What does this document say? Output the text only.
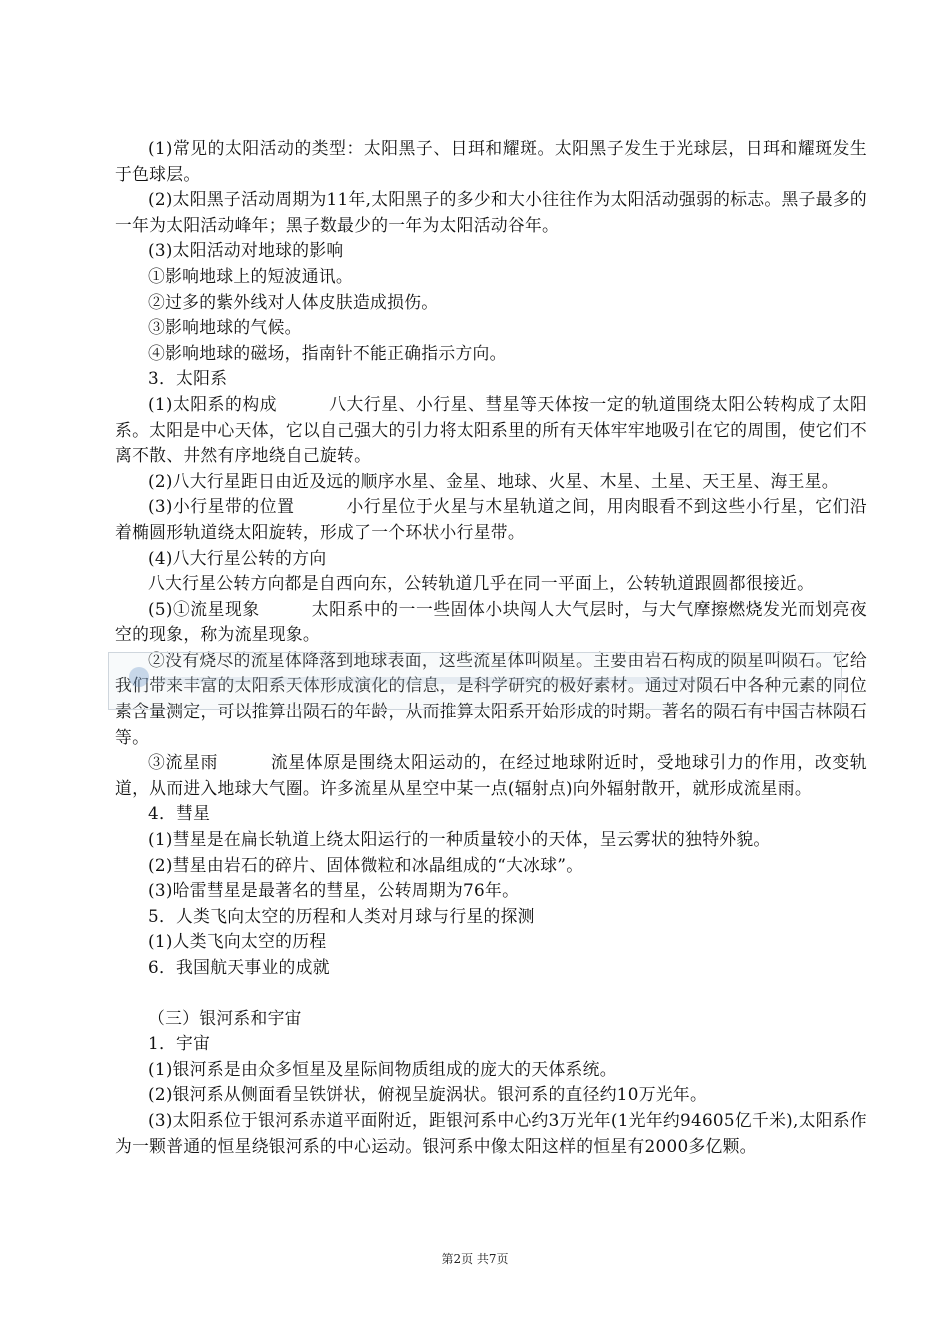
(1)常见的太阳活动的类型：太阳黑子、日珥和耀斑。太阳黑子发生于光球层，日珥和耀斑发生于色球层。

(2)太阳黑子活动周期为11年,太阳黑子的多少和大小往往作为太阳活动强弱的标志。黑子最多的一年为太阳活动峰年；黑子数最少的一年为太阳活动谷年。

(3)太阳活动对地球的影响

①影响地球上的短波通讯。

②过多的紫外线对人体皮肤造成损伤。

③影响地球的气候。

④影响地球的磁场，指南针不能正确指示方向。

3．太阳系

(1)太阳系的构成　　　八大行星、小行星、彗星等天体按一定的轨道围绕太阳公转构成了太阳系。太阳是中心天体，它以自己强大的引力将太阳系里的所有天体牢牢地吸引在它的周围，使它们不离不散、井然有序地绕自己旋转。

(2)八大行星距日由近及远的顺序水星、金星、地球、火星、木星、土星、天王星、海王星。

(3)小行星带的位置　　　小行星位于火星与木星轨道之间，用肉眼看不到这些小行星，它们沿着椭圆形轨道绕太阳旋转，形成了一个环状小行星带。

(4)八大行星公转的方向

八大行星公转方向都是自西向东，公转轨道几乎在同一平面上，公转轨道跟圆都很接近。

(5)①流星现象　　　太阳系中的一一些固体小块闯人大气层时，与大气摩擦燃烧发光而划亮夜空的现象，称为流星现象。

②没有烧尽的流星体降落到地球表面，这些流星体叫陨星。主要由岩石构成的陨星叫陨石。它给我们带来丰富的太阳系天体形成演化的信息，是科学研究的极好素材。通过对陨石中各种元素的同位素含量测定，可以推算出陨石的年龄，从而推算太阳系开始形成的时期。著名的陨石有中国吉林陨石等。

③流星雨　　　流星体原是围绕太阳运动的，在经过地球附近时，受地球引力的作用，改变轨道，从而进入地球大气圈。许多流星从星空中某一点(辐射点)向外辐射散开，就形成流星雨。

4．彗星

(1)彗星是在扁长轨道上绕太阳运行的一种质量较小的天体，呈云雾状的独特外貌。

(2)彗星由岩石的碎片、固体微粒和冰晶组成的“大冰球”。

(3)哈雷彗星是最著名的彗星，公转周期为76年。

5．人类飞向太空的历程和人类对月球与行星的探测

(1)人类飞向太空的历程

6．我国航天事业的成就

（三）银河系和宇宙

1．宇宙

(1)银河系是由众多恒星及星际间物质组成的庞大的天体系统。

(2)银河系从侧面看呈铁饼状，俯视呈旋涡状。银河系的直径约10万光年。

(3)太阳系位于银河系赤道平面附近，距银河系中心约3万光年(1光年约94605亿千米),太阳系作为一颗普通的恒星绕银河系的中心运动。银河系中像太阳这样的恒星有2000多亿颗。

第2页 共7页
